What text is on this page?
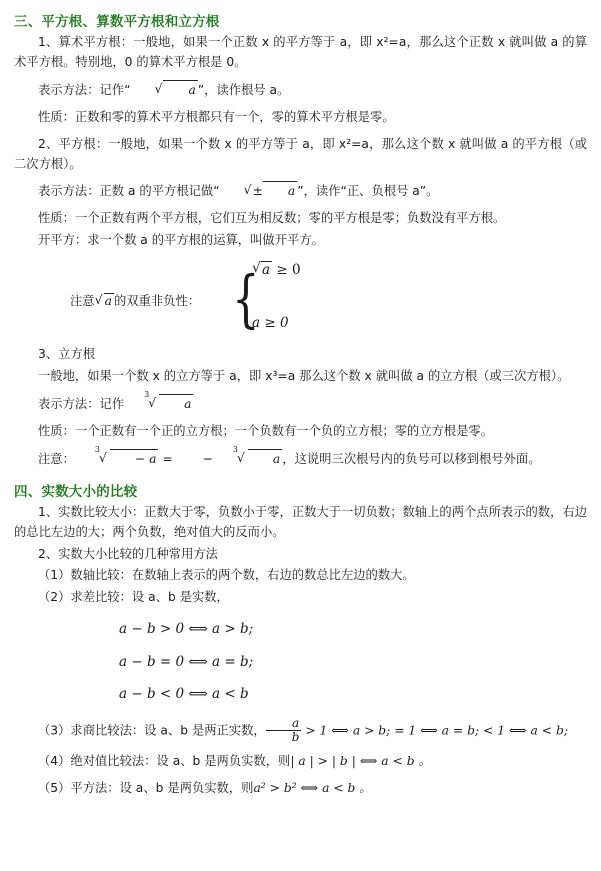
三、平方根、算数平方根和立方根
1、算术平方根：一般地，如果一个正数 x 的平方等于 a，即 x²=a，那么这个正数 x 就叫做 a 的算术平方根。特别地，0 的算术平方根是 0。
表示方法：记作“	√ a ”，读作根号 a。
性质：正数和零的算术平方根都只有一个，零的算术平方根是零。
2、平方根：一般地，如果一个数 x 的平方等于 a，即 x²=a，那么这个数 x 就叫做 a 的平方根（或二次方根）。
表示方法：正数 a 的平方根记做“	√ ± a ”，读作“正、负根号 a”。
性质：一个正数有两个平方根，它们互为相反数；零的平方根是零；负数没有平方根。
开平方：求一个数 a 的平方根的运算，叫做开平方。
注意 √ a 的双重非负性： { √ a ≥ 0
a ≥ 0
3、立方根
一般地，如果一个数 x 的立方等于 a，即 x³=a 那么这个数 x 就叫做 a 的立方根（或三次方根）。
表示方法：记作
√ 3
a
性质：一个正数有一个正的立方根；一个负数有一个负的立方根；零的立方根是零。
注意：
√ 3
− a = −
√ 3
a ，这说明三次根号内的负号可以移到根号外面。
四、实数大小的比较
1、实数比较大小：正数大于零，负数小于零，正数大于一切负数；数轴上的两个点所表示的数，右边的总比左边的大；两个负数，绝对值大的反而小。
2、实数大小比较的几种常用方法
（1）数轴比较：在数轴上表示的两个数，右边的数总比左边的数大。
（2）求差比较：设 a、b 是实数，
a − b > 0 ⟺ a > b;
a − b = 0 ⟺ a = b;
a − b < 0 ⟺ a < b
（3）求商比较法：设 a、b 是两正实数， $\frac{a}{b} > 1$ ⟺ a > b; = 1 ⟺ a = b; < 1 ⟺ a < b;
（4）绝对值比较法：设 a、b 是两负实数，则| a | > | b | ⟺ a < b 。
（5）平方法：设 a、b 是两负实数，则a² > b² ⟺ a < b 。
